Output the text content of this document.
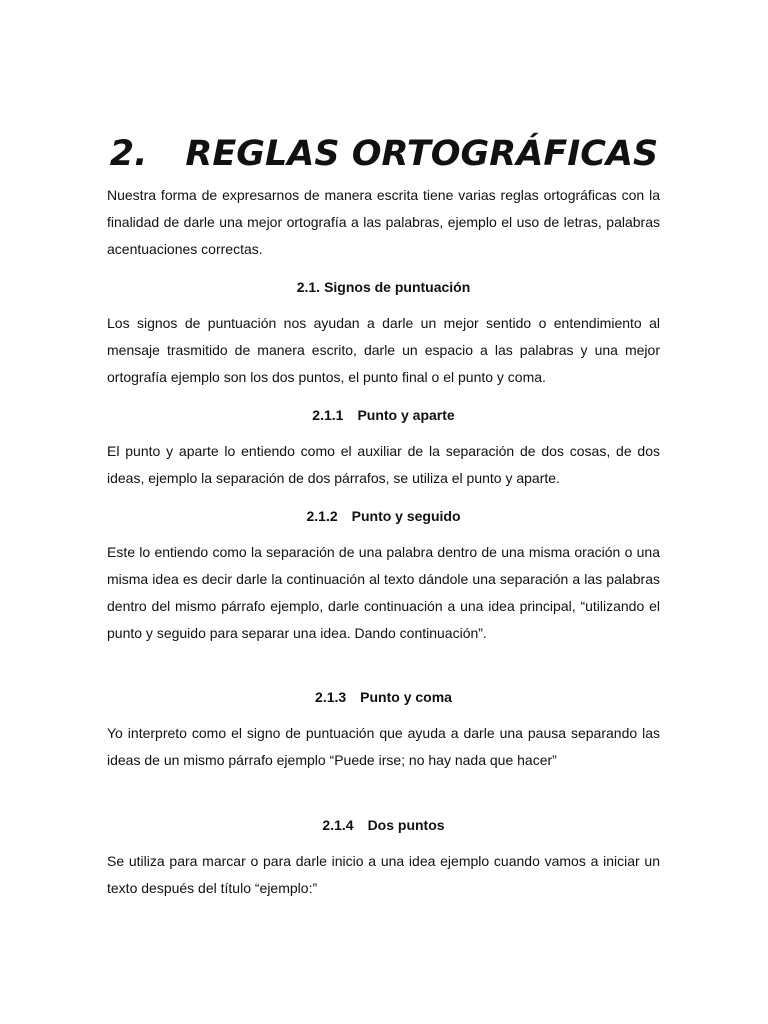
2. REGLAS ORTOGRÁFICAS

Nuestra forma de expresarnos de manera escrita tiene varias reglas ortográficas con la finalidad de darle una mejor ortografía a las palabras, ejemplo el uso de letras, palabras acentuaciones correctas.

2.1. Signos de puntuación

Los signos de puntuación nos ayudan a darle un mejor sentido o entendimiento al mensaje trasmitido de manera escrito, darle un espacio a las palabras y una mejor ortografía ejemplo son los dos puntos, el punto final o el punto y coma.

2.1.1 Punto y aparte

El punto y aparte lo entiendo como el auxiliar de la separación de dos cosas, de dos ideas, ejemplo la separación de dos párrafos, se utiliza el punto y aparte.

2.1.2 Punto y seguido

Este lo entiendo como la separación de una palabra dentro de una misma oración o una misma idea es decir darle la continuación al texto dándole una separación a las palabras dentro del mismo párrafo ejemplo, darle continuación a una idea principal, “utilizando el punto y seguido para separar una idea. Dando continuación”.

2.1.3 Punto y coma

Yo interpreto como el signo de puntuación que ayuda a darle una pausa separando las ideas de un mismo párrafo ejemplo “Puede irse; no hay nada que hacer”

2.1.4 Dos puntos

Se utiliza para marcar o para darle inicio a una idea ejemplo cuando vamos a iniciar un texto después del título “ejemplo:”
